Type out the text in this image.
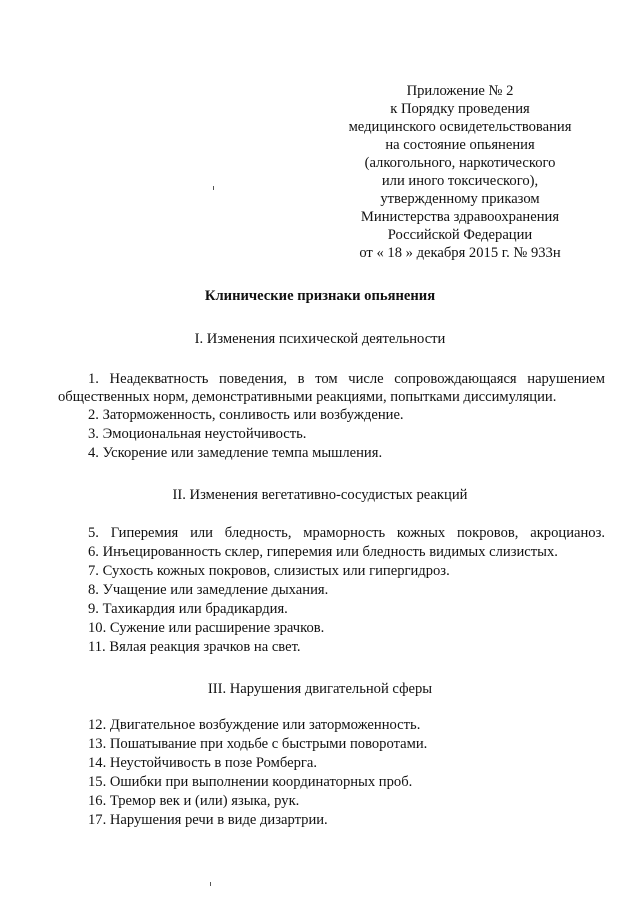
Приложение № 2
к Порядку проведения
медицинского освидетельствования
на состояние опьянения
(алкогольного, наркотического
или иного токсического),
утвержденному приказом
Министерства здравоохранения
Российской Федерации
от « 18 » декабря 2015 г. № 933н
Клинические признаки опьянения
I. Изменения психической деятельности
1. Неадекватность поведения, в том числе сопровождающаяся нарушением
общественных норм, демонстративными реакциями, попытками диссимуляции.
2. Заторможенность, сонливость или возбуждение.
3. Эмоциональная неустойчивость.
4. Ускорение или замедление темпа мышления.
II. Изменения вегетативно-сосудистых реакций
5. Гиперемия или бледность, мраморность кожных покровов, акроцианоз.
6. Инъецированность склер, гиперемия или бледность видимых слизистых.
7. Сухость кожных покровов, слизистых или гипергидроз.
8. Учащение или замедление дыхания.
9. Тахикардия или брадикардия.
10. Сужение или расширение зрачков.
11. Вялая реакция зрачков на свет.
III. Нарушения двигательной сферы
12. Двигательное возбуждение или заторможенность.
13. Пошатывание при ходьбе с быстрыми поворотами.
14. Неустойчивость в позе Ромберга.
15. Ошибки при выполнении координаторных проб.
16. Тремор век и (или) языка, рук.
17. Нарушения речи в виде дизартрии.
